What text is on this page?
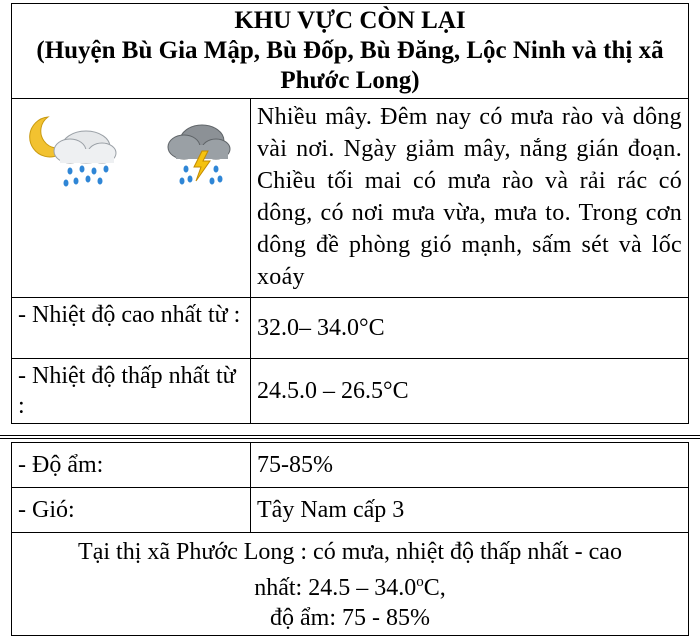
KHU VỰC CÒN LẠI
(Huyện Bù Gia Mập, Bù Đốp, Bù Đăng, Lộc Ninh và thị xã Phước Long)	

	Nhiều mây. Đêm nay có mưa rào và dông vài nơi. Ngày giảm mây, nắng gián đoạn. Chiều tối mai có mưa rào và rải rác có dông, có nơi mưa vừa, mưa to. Trong cơn dông đề phòng gió mạnh, sấm sét và lốc xoáy
- Nhiệt độ cao nhất từ :	32.0– 34.0°C
- Nhiệt độ thấp nhất từ :	24.5.0 – 26.5°C
- Độ ẩm:	75-85%
- Gió:	Tây Nam cấp 3

Tại thị xã Phước Long : có mưa, nhiệt độ thấp nhất - cao
nhất: 24.5 – 34.0$^o$C,
độ ẩm: 75 - 85%	
